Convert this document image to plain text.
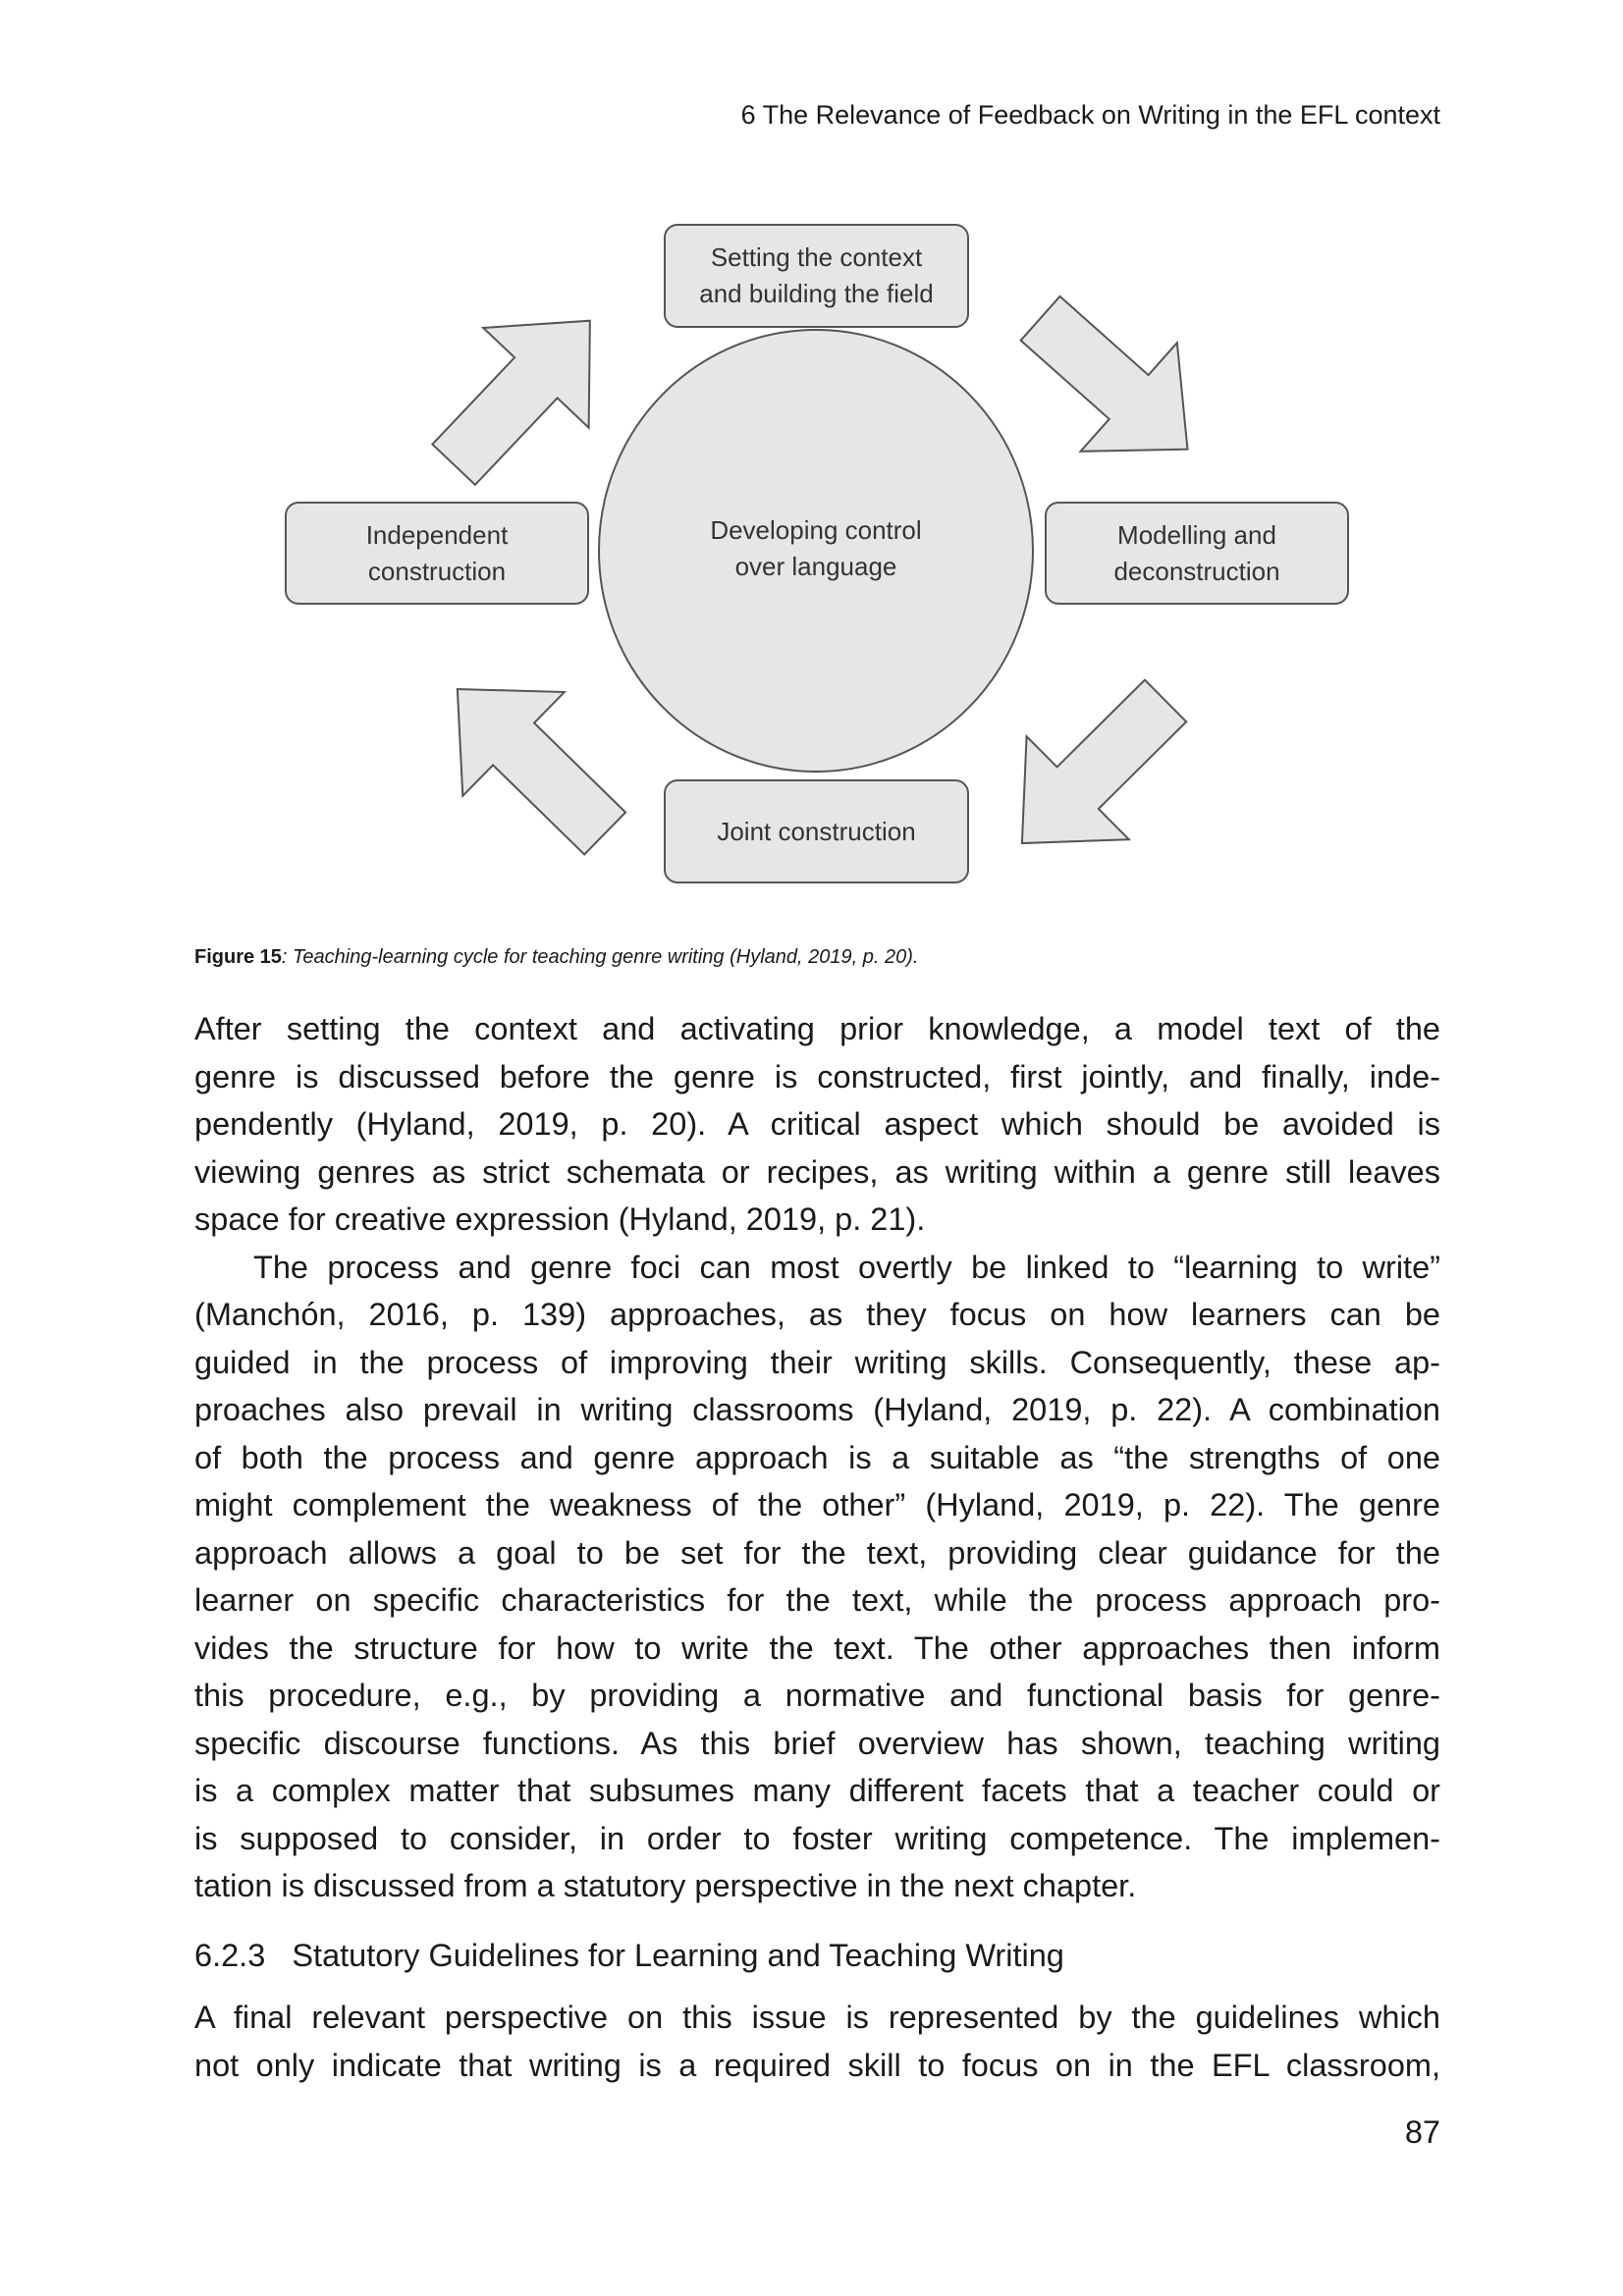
6 The Relevance of Feedback on Writing in the EFL context
Setting the context
and building the field
Modelling and
deconstruction
Joint construction
Independent
construction
Developing control
over language
Figure 15: Teaching-learning cycle for teaching genre writing (Hyland, 2019, p. 20).
After setting the context and activating prior knowledge, a model text of the
genre is discussed before the genre is constructed, first jointly, and finally, inde-
pendently (Hyland, 2019, p. 20). A critical aspect which should be avoided is
viewing genres as strict schemata or recipes, as writing within a genre still leaves
space for creative expression (Hyland, 2019, p. 21).
The process and genre foci can most overtly be linked to “learning to write”
(Manchón, 2016, p. 139) approaches, as they focus on how learners can be
guided in the process of improving their writing skills. Consequently, these ap-
proaches also prevail in writing classrooms (Hyland, 2019, p. 22). A combination
of both the process and genre approach is a suitable as “the strengths of one
might complement the weakness of the other” (Hyland, 2019, p. 22). The genre
approach allows a goal to be set for the text, providing clear guidance for the
learner on specific characteristics for the text, while the process approach pro-
vides the structure for how to write the text. The other approaches then inform
this procedure, e.g., by providing a normative and functional basis for genre-
specific discourse functions. As this brief overview has shown, teaching writing
is a complex matter that subsumes many different facets that a teacher could or
is supposed to consider, in order to foster writing competence. The implemen-
tation is discussed from a statutory perspective in the next chapter.
6.2.3   Statutory Guidelines for Learning and Teaching Writing
A final relevant perspective on this issue is represented by the guidelines which
not only indicate that writing is a required skill to focus on in the EFL classroom,
87
